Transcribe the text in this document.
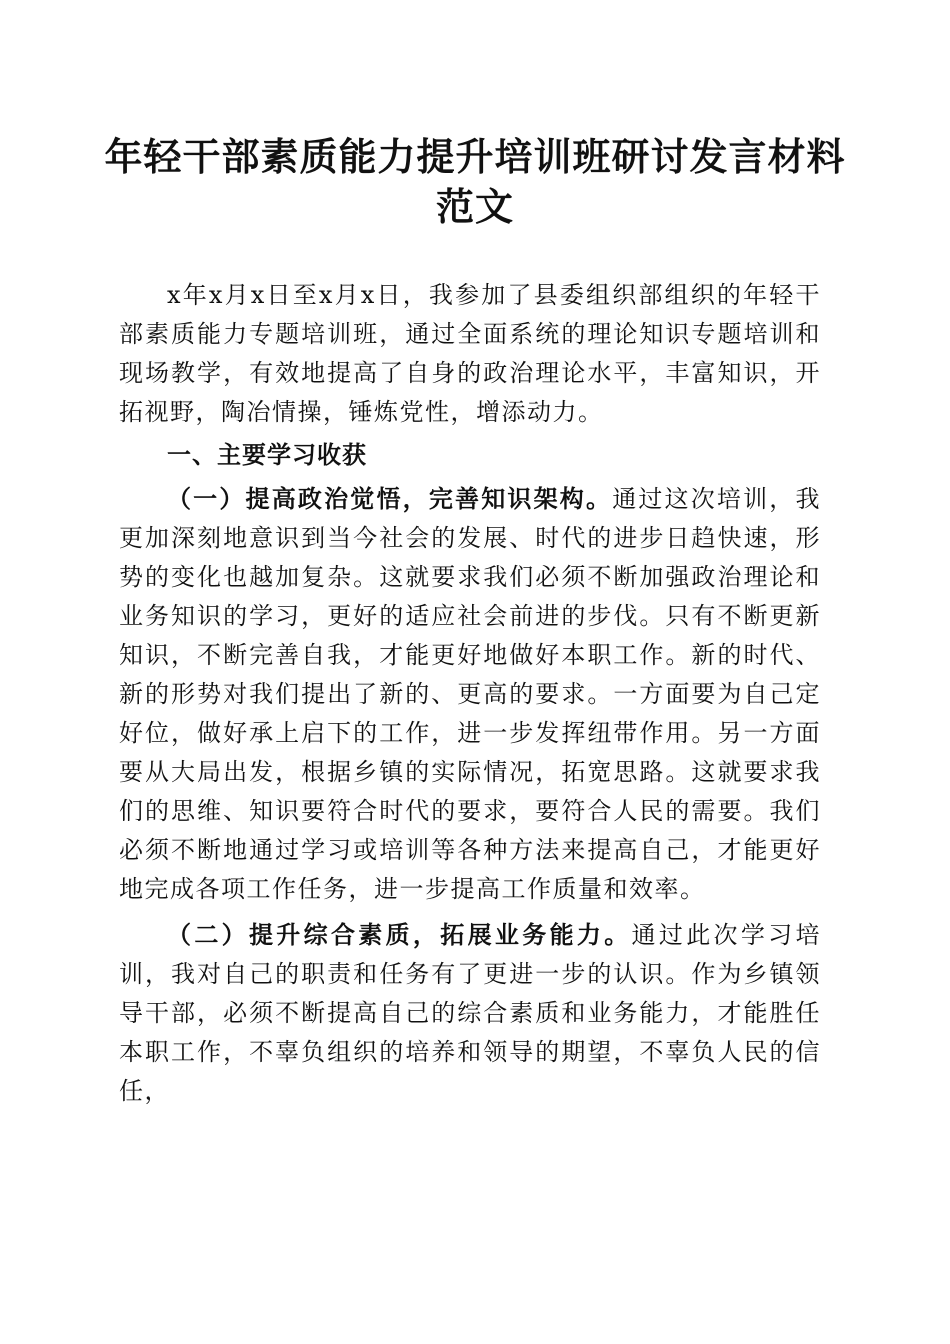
年轻干部素质能力提升培训班研讨发言材料范文

x年x月x日至x月x日，我参加了县委组织部组织的年轻干部素质能力专题培训班，通过全面系统的理论知识专题培训和现场教学，有效地提高了自身的政治理论水平，丰富知识，开拓视野，陶冶情操，锤炼党性，增添动力。

一、主要学习收获

（一）提高政治觉悟，完善知识架构。通过这次培训，我更加深刻地意识到当今社会的发展、时代的进步日趋快速，形势的变化也越加复杂。这就要求我们必须不断加强政治理论和业务知识的学习，更好的适应社会前进的步伐。只有不断更新知识，不断完善自我，才能更好地做好本职工作。新的时代、新的形势对我们提出了新的、更高的要求。一方面要为自己定好位，做好承上启下的工作，进一步发挥纽带作用。另一方面要从大局出发，根据乡镇的实际情况，拓宽思路。这就要求我们的思维、知识要符合时代的要求，要符合人民的需要。我们必须不断地通过学习或培训等各种方法来提高自己，才能更好地完成各项工作任务，进一步提高工作质量和效率。

（二）提升综合素质，拓展业务能力。通过此次学习培训，我对自己的职责和任务有了更进一步的认识。作为乡镇领导干部，必须不断提高自己的综合素质和业务能力，才能胜任本职工作，不辜负组织的培养和领导的期望，不辜负人民的信任，
